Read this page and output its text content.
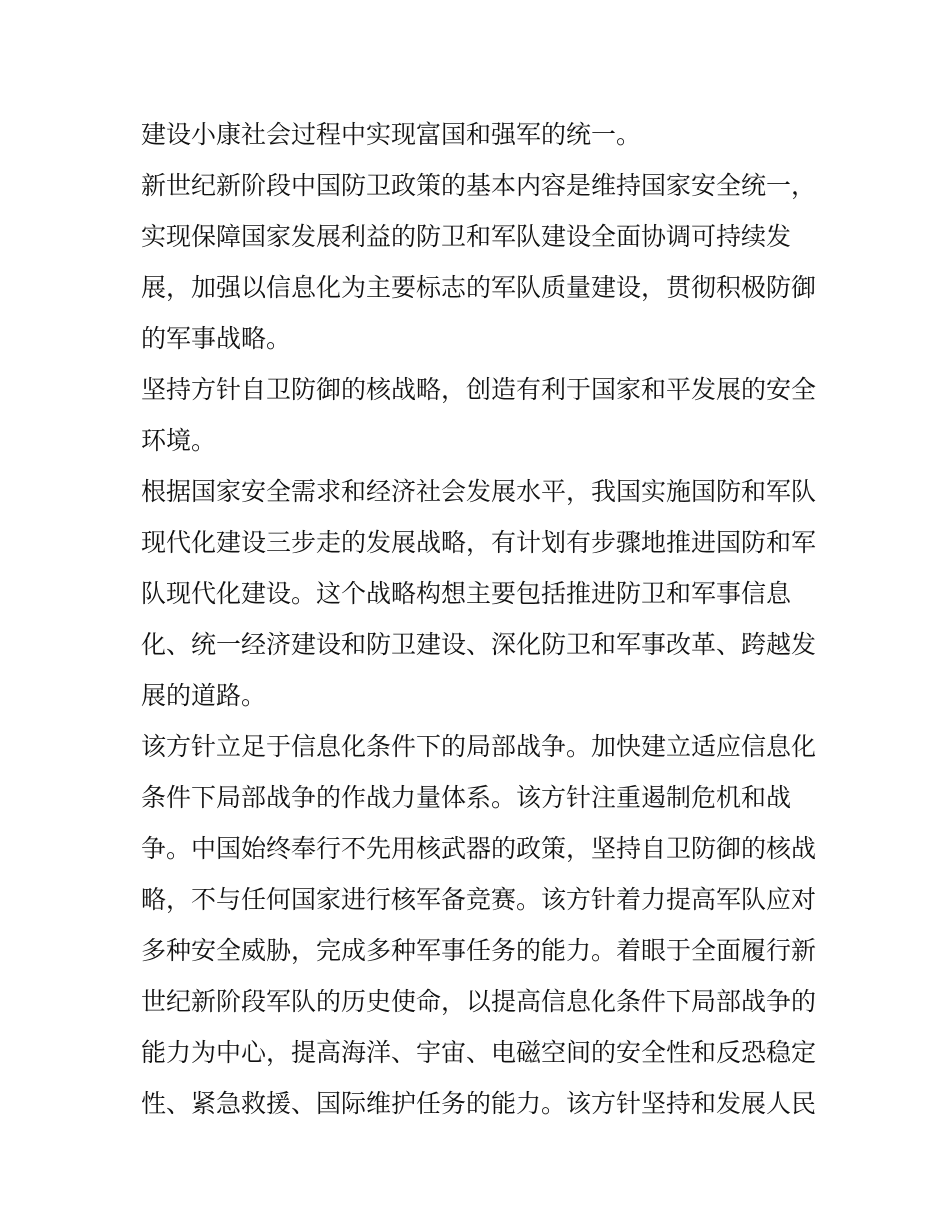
建设小康社会过程中实现富国和强军的统一。
新世纪新阶段中国防卫政策的基本内容是维持国家安全统一，
实现保障国家发展利益的防卫和军队建设全面协调可持续发
展，加强以信息化为主要标志的军队质量建设，贯彻积极防御
的军事战略。
坚持方针自卫防御的核战略，创造有利于国家和平发展的安全
环境。
根据国家安全需求和经济社会发展水平，我国实施国防和军队
现代化建设三步走的发展战略，有计划有步骤地推进国防和军
队现代化建设。这个战略构想主要包括推进防卫和军事信息
化、统一经济建设和防卫建设、深化防卫和军事改革、跨越发
展的道路。
该方针立足于信息化条件下的局部战争。加快建立适应信息化
条件下局部战争的作战力量体系。该方针注重遏制危机和战
争。中国始终奉行不先用核武器的政策，坚持自卫防御的核战
略，不与任何国家进行核军备竞赛。该方针着力提高军队应对
多种安全威胁，完成多种军事任务的能力。着眼于全面履行新
世纪新阶段军队的历史使命，以提高信息化条件下局部战争的
能力为中心，提高海洋、宇宙、电磁空间的安全性和反恐稳定
性、紧急救援、国际维护任务的能力。该方针坚持和发展人民
